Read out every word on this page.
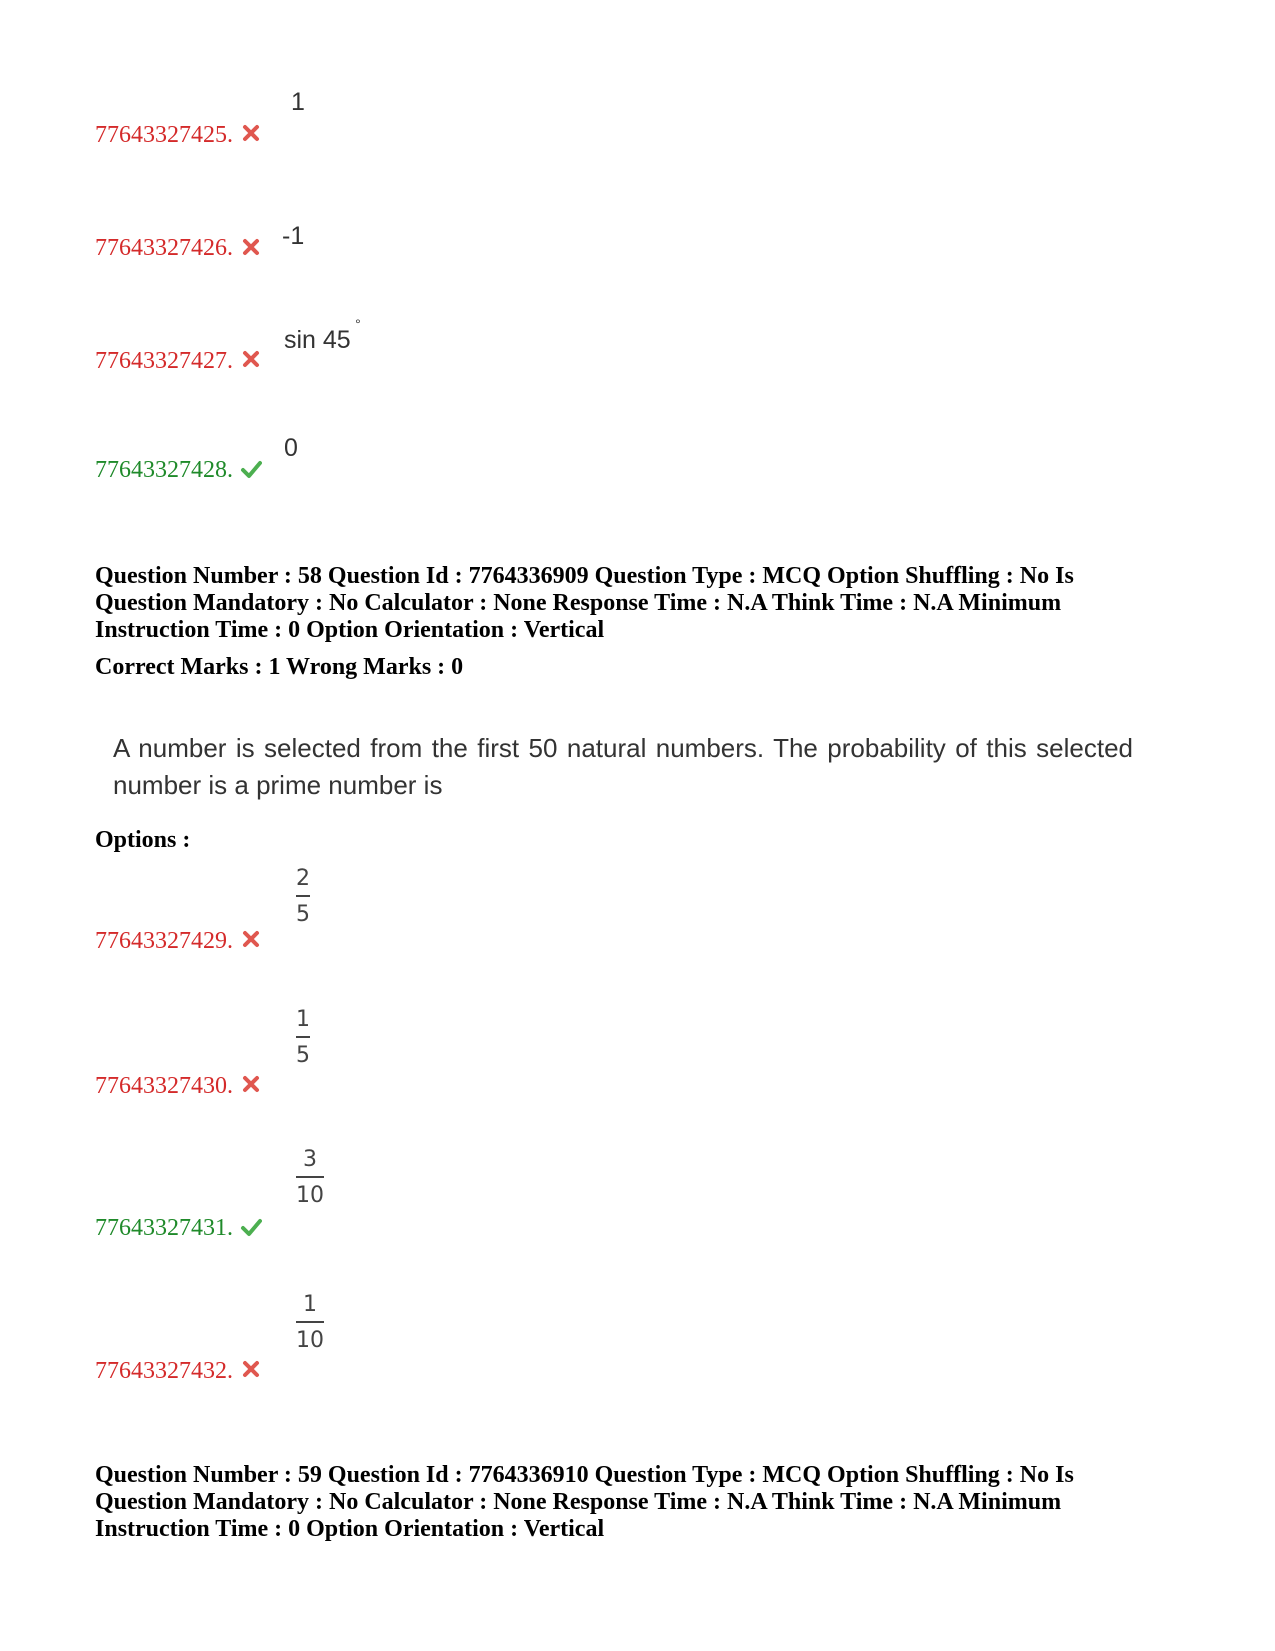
1
77643327425.
-1
77643327426.
sin 45
°
77643327427.
0
77643327428.

Question Number : 58 Question Id : 7764336909 Question Type : MCQ Option Shuffling : No Is

Question Mandatory : No Calculator : None Response Time : N.A Think Time : N.A Minimum

Instruction Time : 0 Option Orientation : Vertical

Correct Marks : 1 Wrong Marks : 0
A number is selected from the first 50 natural numbers. The probability of this selected number is a prime number is
Options :
2
5
77643327429.
1
5
77643327430.
3
10
77643327431.
1
10
77643327432.

Question Number : 59 Question Id : 7764336910 Question Type : MCQ Option Shuffling : No Is

Question Mandatory : No Calculator : None Response Time : N.A Think Time : N.A Minimum

Instruction Time : 0 Option Orientation : Vertical
